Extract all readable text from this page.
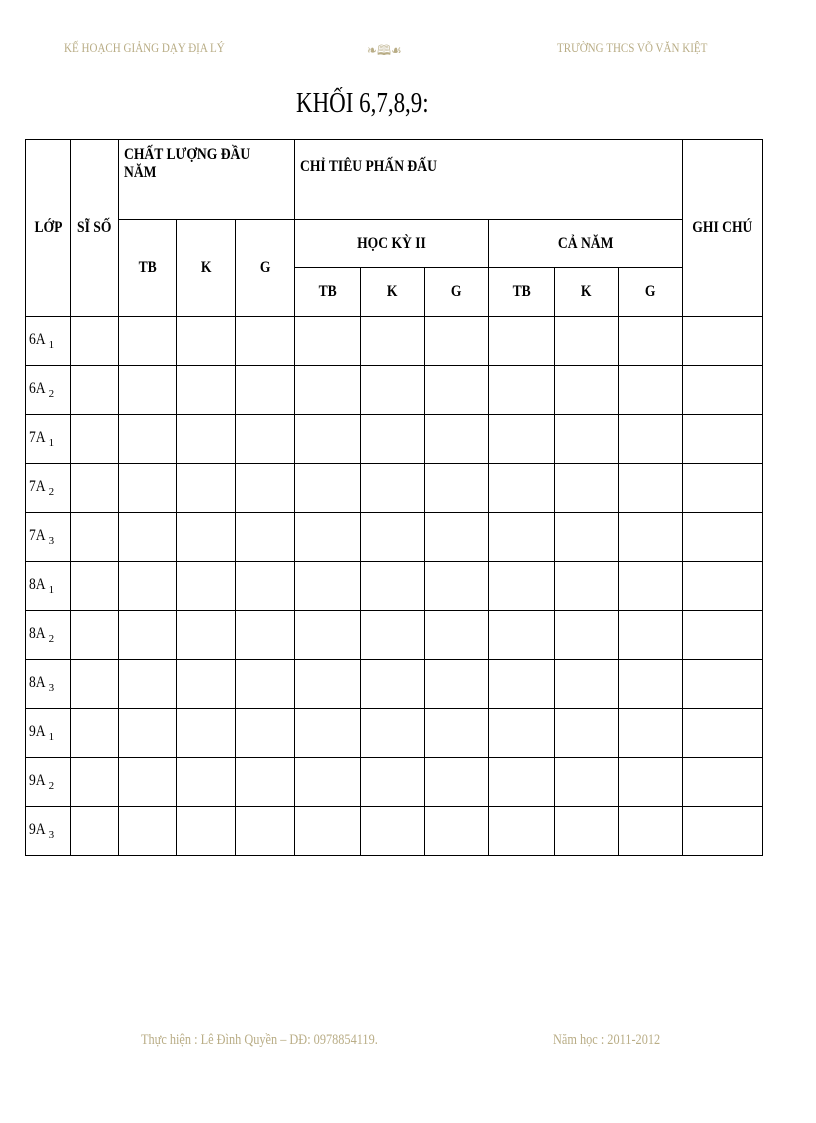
KẾ HOẠCH GIẢNG DẠY ĐỊA LÝ	❧🕮☙	TRƯỜNG THCS VÕ VĂN KIỆT
KHỐI 6,7,8,9:
LỚP	SĨ SỐ	CHẤT LƯỢNG ĐẦU NĂM			CHỈ TIÊU PHẤN ĐẤU						GHI CHÚ
		TB	K	G	HỌC KỲ II			CẢ NĂM			
					TB	K	G	TB	K	G	
6A $_1$											
6A $_2$											
7A $_1$											
7A $_2$											
7A $_3$											
8A $_1$											
8A $_2$											
8A $_3$											
9A $_1$											
9A $_2$											
9A $_3$											
Thực hiện : Lê Đình Quyền – DĐ: 0978854119.	Năm học : 2011-2012
